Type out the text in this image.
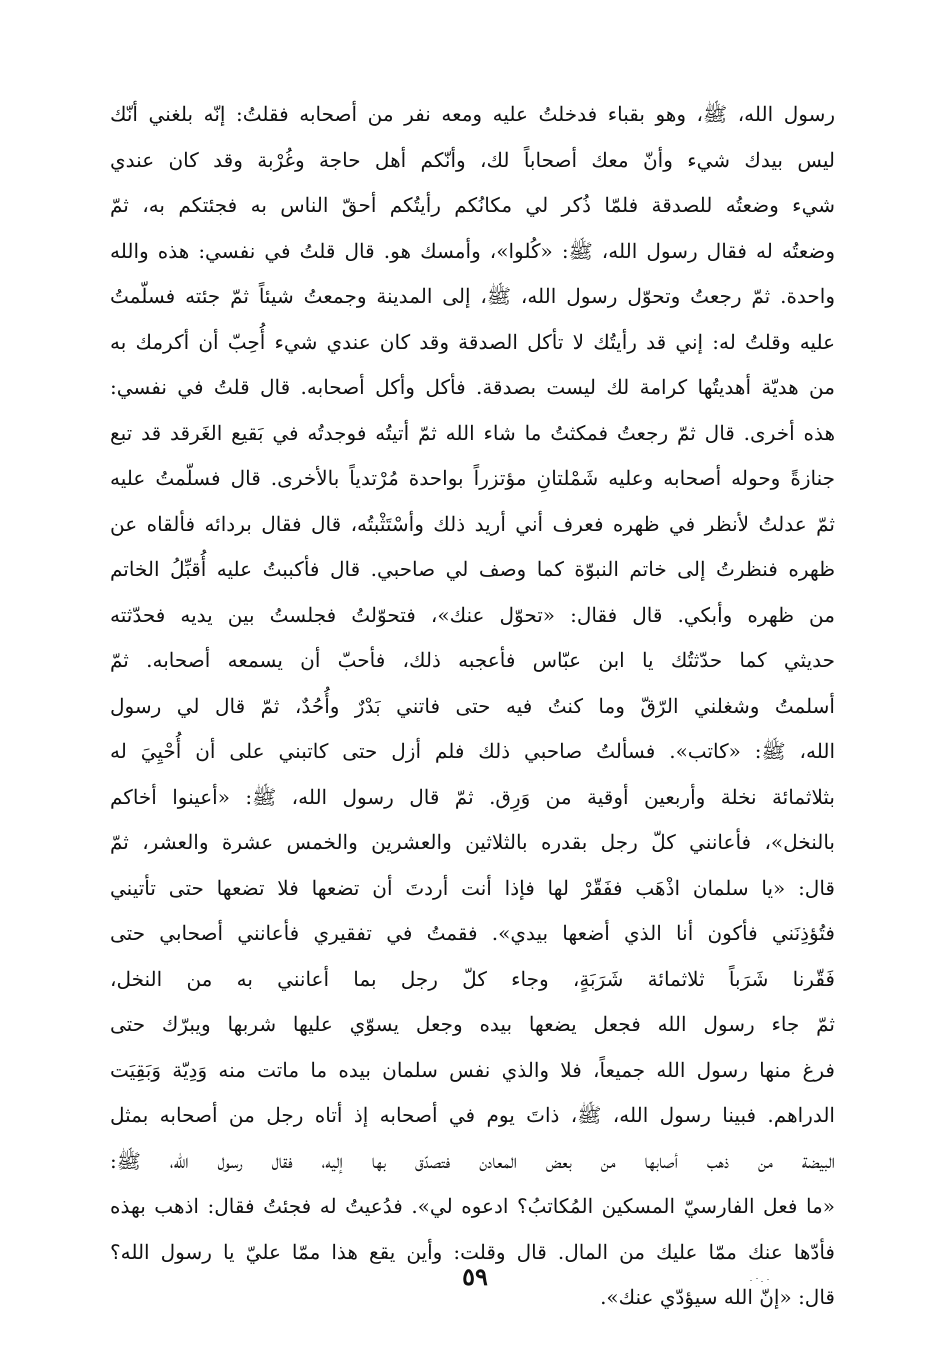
رسول الله، ﷺ، وهو بقباء فدخلتُ عليه ومعه نفر من أصحابه فقلتُ: إنّه بلغني أنّك
ليس بيدك شيء وأنّ معك أصحاباً لك، وأنّكم أهل حاجة وغُرْبة وقد كان عندي
شيء وضعتُه للصدقة فلمّا ذُكر لي مكانُكم رأيتُكم أحقّ الناس به فجئتكم به، ثمّ
وضعتُه له فقال رسول الله، ﷺ: «كُلوا»، وأمسك هو. قال قلتُ في نفسي: هذه والله
واحدة. ثمّ رجعتُ وتحوّل رسول الله، ﷺ، إلى المدينة وجمعتُ شيئاً ثمّ جئته فسلّمتُ
عليه وقلتُ له: إني قد رأيتُك لا تأكل الصدقة وقد كان عندي شيء أُحِبّ أن أكرمك به
من هديّة أهديتُها كرامة لك ليست بصدقة. فأكل وأكل أصحابه. قال قلتُ في نفسي:
هذه أخرى. قال ثمّ رجعتُ فمكثتُ ما شاء الله ثمّ أتيتُه فوجدتُه في بَقيع الغَرقد قد تبع
جنازةً وحوله أصحابه وعليه شَمْلتانِ مؤتزراً بواحدة مُرْتدياً بالأخرى. قال فسلّمتُ عليه
ثمّ عدلتُ لأنظر في ظهره فعرف أني أريد ذلك وأسْتَثْبتُه، قال فقال بردائه فألقاه عن
ظهره فنظرتُ إلى خاتم النبوّة كما وصف لي صاحبي. قال فأكببتُ عليه أُقبِّلُ الخاتم
من ظهره وأبكي. قال فقال: «تحوّل عنك»، فتحوّلتُ فجلستُ بين يديه فحدّثته
حديثي كما حدّثتُك يا ابن عبّاس فأعجبه ذلك، فأحبّ أن يسمعه أصحابه. ثمّ
أسلمتُ وشغلني الرّقّ وما كنتُ فيه حتى فاتني بَدْرٌ وأُحُدٌ، ثمّ قال لي رسول
الله، ﷺ: «كاتب». فسألتُ صاحبي ذلك فلم أزل حتى كاتبني على أن أُحْيِيَ له
بثلاثمائة نخلة وأربعين أوقية من وَرِق. ثمّ قال رسول الله، ﷺ: «أعينوا أخاكم
بالنخل»، فأعانني كلّ رجل بقدره بالثلاثين والعشرين والخمس عشرة والعشر، ثمّ
قال: «يا سلمان اذْهَب ففَقّرْ لها فإذا أنت أردتَ أن تضعها فلا تضعها حتى تأتيني
فتُؤذِنَني فأكون أنا الذي أضعها بيدي». فقمتُ في تفقيري فأعانني أصحابي حتى
فَقّرنا شَرَباً ثلاثمائة شَرَبَةٍ، وجاء كلّ رجل بما أعانني به من النخل،
ثمّ جاء رسول الله فجعل يضعها بيده وجعل يسوّي عليها شربها ويبرّك حتى
فرغ منها رسول الله جميعاً، فلا والذي نفس سلمان بيده ما ماتت منه وَدِيّة وَبَقِيَت
الدراهم. فبينا رسول الله، ﷺ، ذاتَ يوم في أصحابه إذ أتاه رجل من أصحابه بمثل
البيضة من ذهب أصابها من بعض المعادن فتصدّق بها إليه، فقال رسول الله، ﷺ:
«ما فعل الفارسيّ المسكين المُكاتبُ؟ ادعوه لي». فدُعيتُ له فجئتُ فقال: اذهب بهذه
فأدّها عنك ممّا عليك من المال. قال وقلت: وأين يقع هذا ممّا عليّ يا رسول الله؟
قال: «إنّ الله سيؤدّي عنك».
٥٩
